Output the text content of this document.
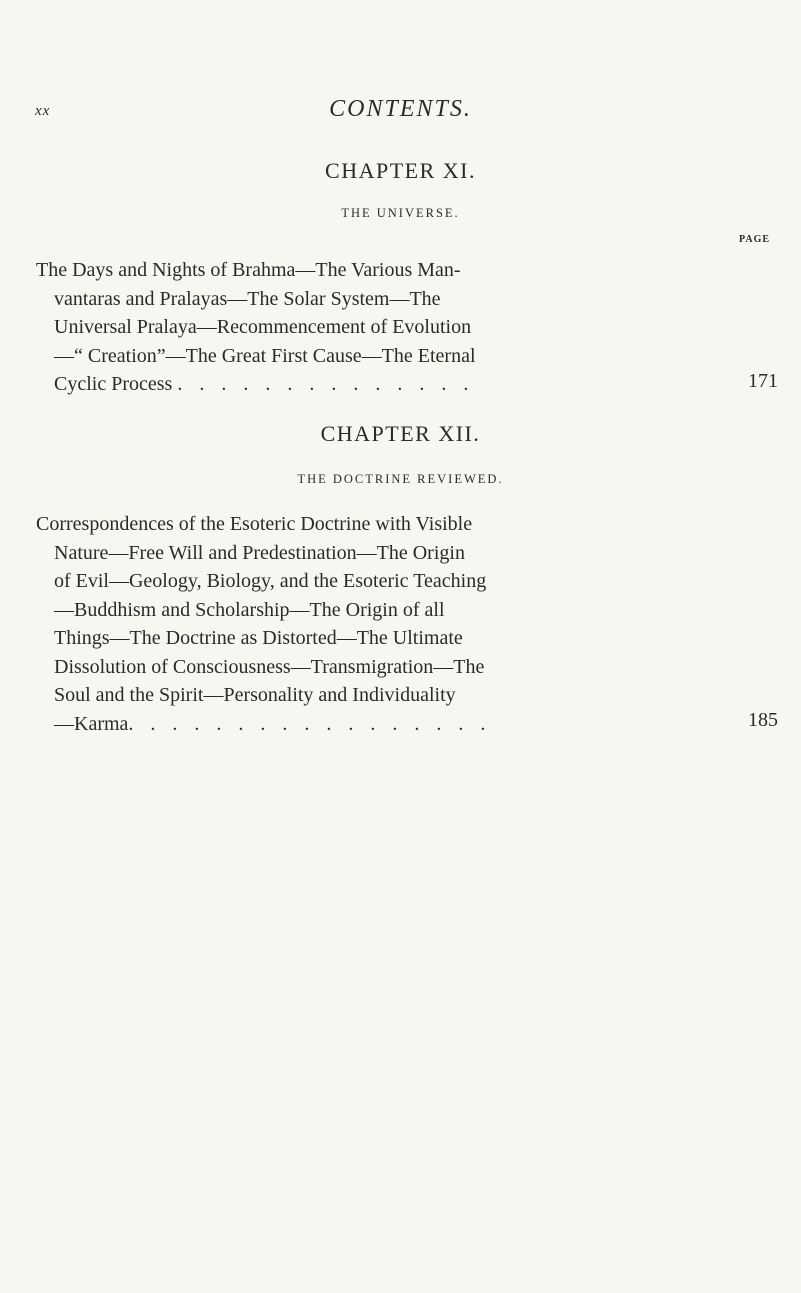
xx	CONTENTS.
CHAPTER XI.
THE UNIVERSE.
PAGE
The Days and Nights of Brahma—The Various Man-
vantaras and Pralayas—The Solar System—The
Universal Pralaya—Recommencement of Evolution
—“ Creation”—The Great First Cause—The Eternal
Cyclic Process . . . . . . . . . . . . . .	171
CHAPTER XII.
THE DOCTRINE REVIEWED.
Correspondences of the Esoteric Doctrine with Visible
Nature—Free Will and Predestination—The Origin
of Evil—Geology, Biology, and the Esoteric Teaching
—Buddhism and Scholarship—The Origin of all
Things—The Doctrine as Distorted—The Ultimate
Dissolution of Consciousness—Transmigration—The
Soul and the Spirit—Personality and Individuality
—Karma. . . . . . . . . . . . . . . . .	185
